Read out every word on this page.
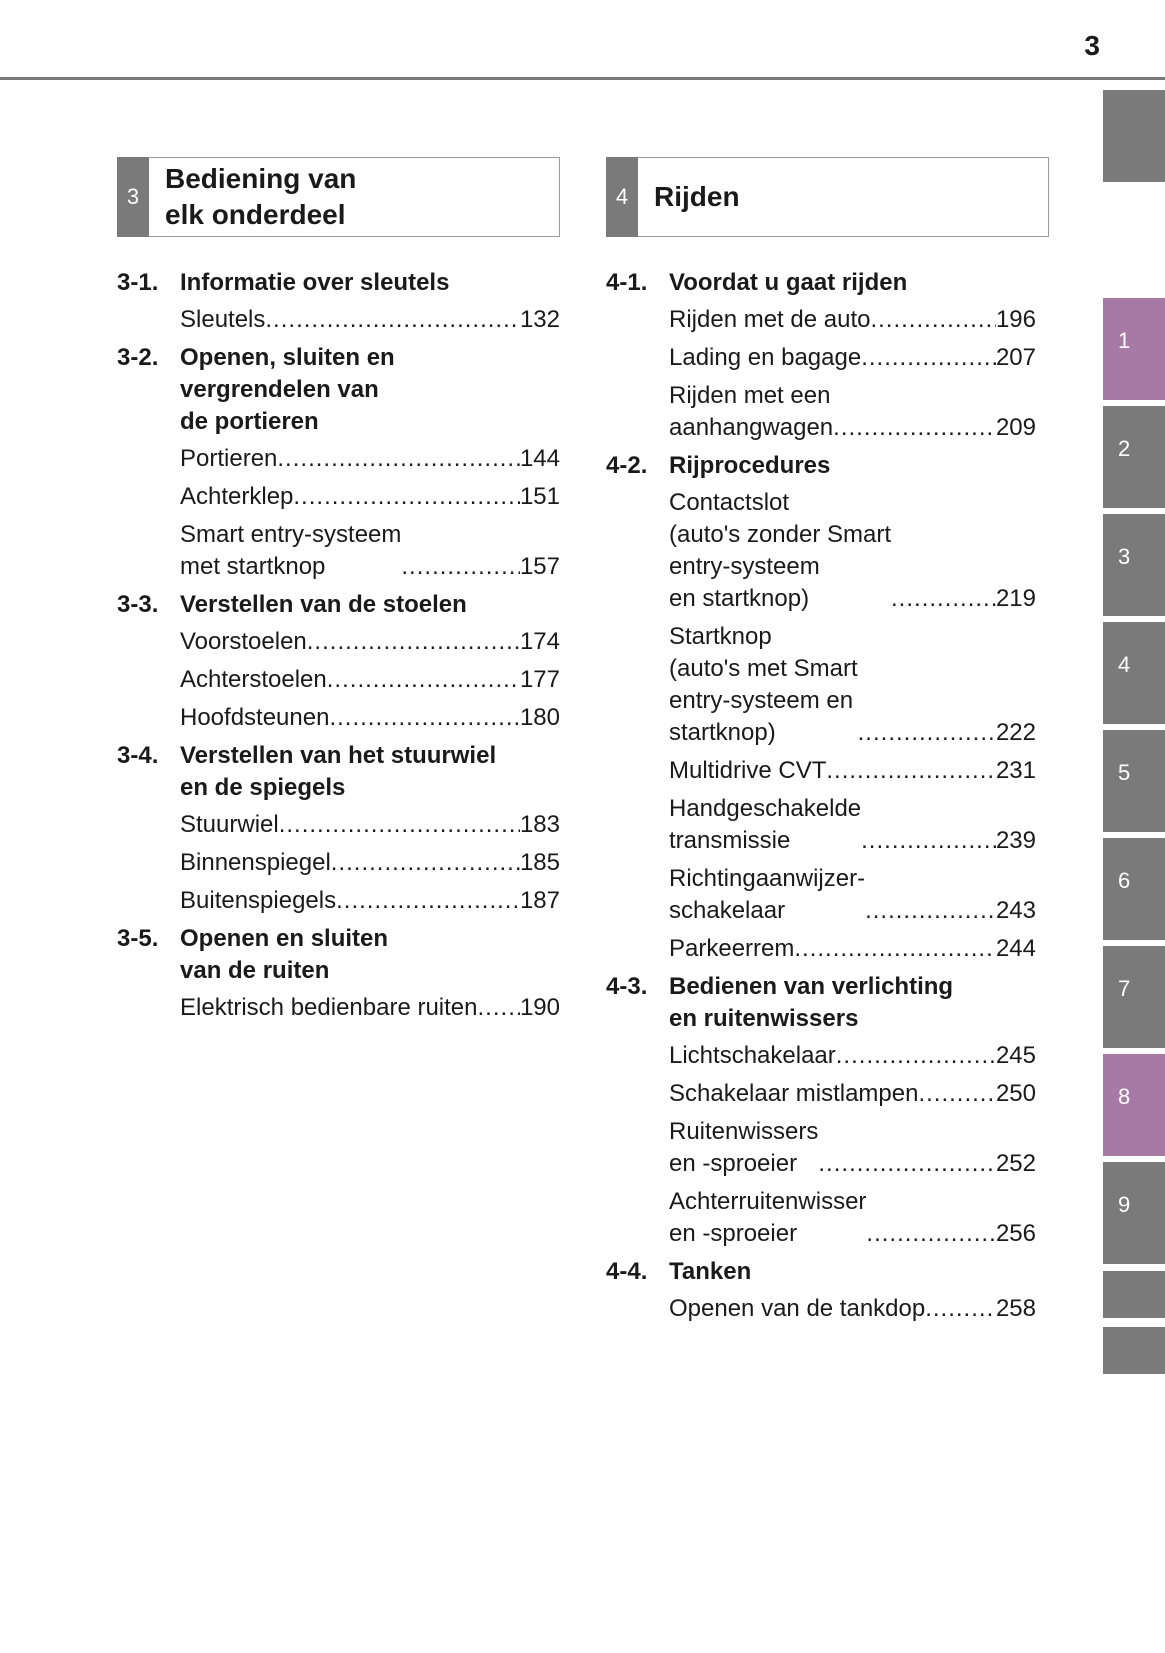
3
1
2
3
4
5
6
7
8
9
3
Bediening van
elk onderdeel
3-1. Informatie over sleutels
Sleutels .....	132
3-2. Openen, sluiten en
vergrendelen van
de portieren
Portieren .....	144
Achterklep .....	151
Smart entry-systeem
met startknop .....	157
3-3. Verstellen van de stoelen
Voorstoelen .....	174
Achterstoelen .....	177
Hoofdsteunen .....	180
3-4. Verstellen van het stuurwiel
en de spiegels
Stuurwiel .....	183
Binnenspiegel .....	185
Buitenspiegels .....	187
3-5. Openen en sluiten
van de ruiten
Elektrisch bedienbare ruiten ..... 190
4 Rijden
4-1. Voordat u gaat rijden
Rijden met de auto .....	196
Lading en bagage .....	207
Rijden met een
aanhangwagen .....	209
4-2. Rijprocedures
Contactslot
(auto's zonder Smart
entry-systeem
en startknop) .....	219
Startknop
(auto's met Smart
entry-systeem en
startknop) .....	222
Multidrive CVT .....	231
Handgeschakelde
transmissie .....	239
Richtingaanwijzer-
schakelaar .....	243
Parkeerrem .....	244
4-3. Bedienen van verlichting
en ruitenwissers
Lichtschakelaar .....	245
Schakelaar mistlampen .....	250
Ruitenwissers
en -sproeier .....	252
Achterruitenwisser
en -sproeier .....	256
4-4. Tanken
Openen van de tankdop .....	258
